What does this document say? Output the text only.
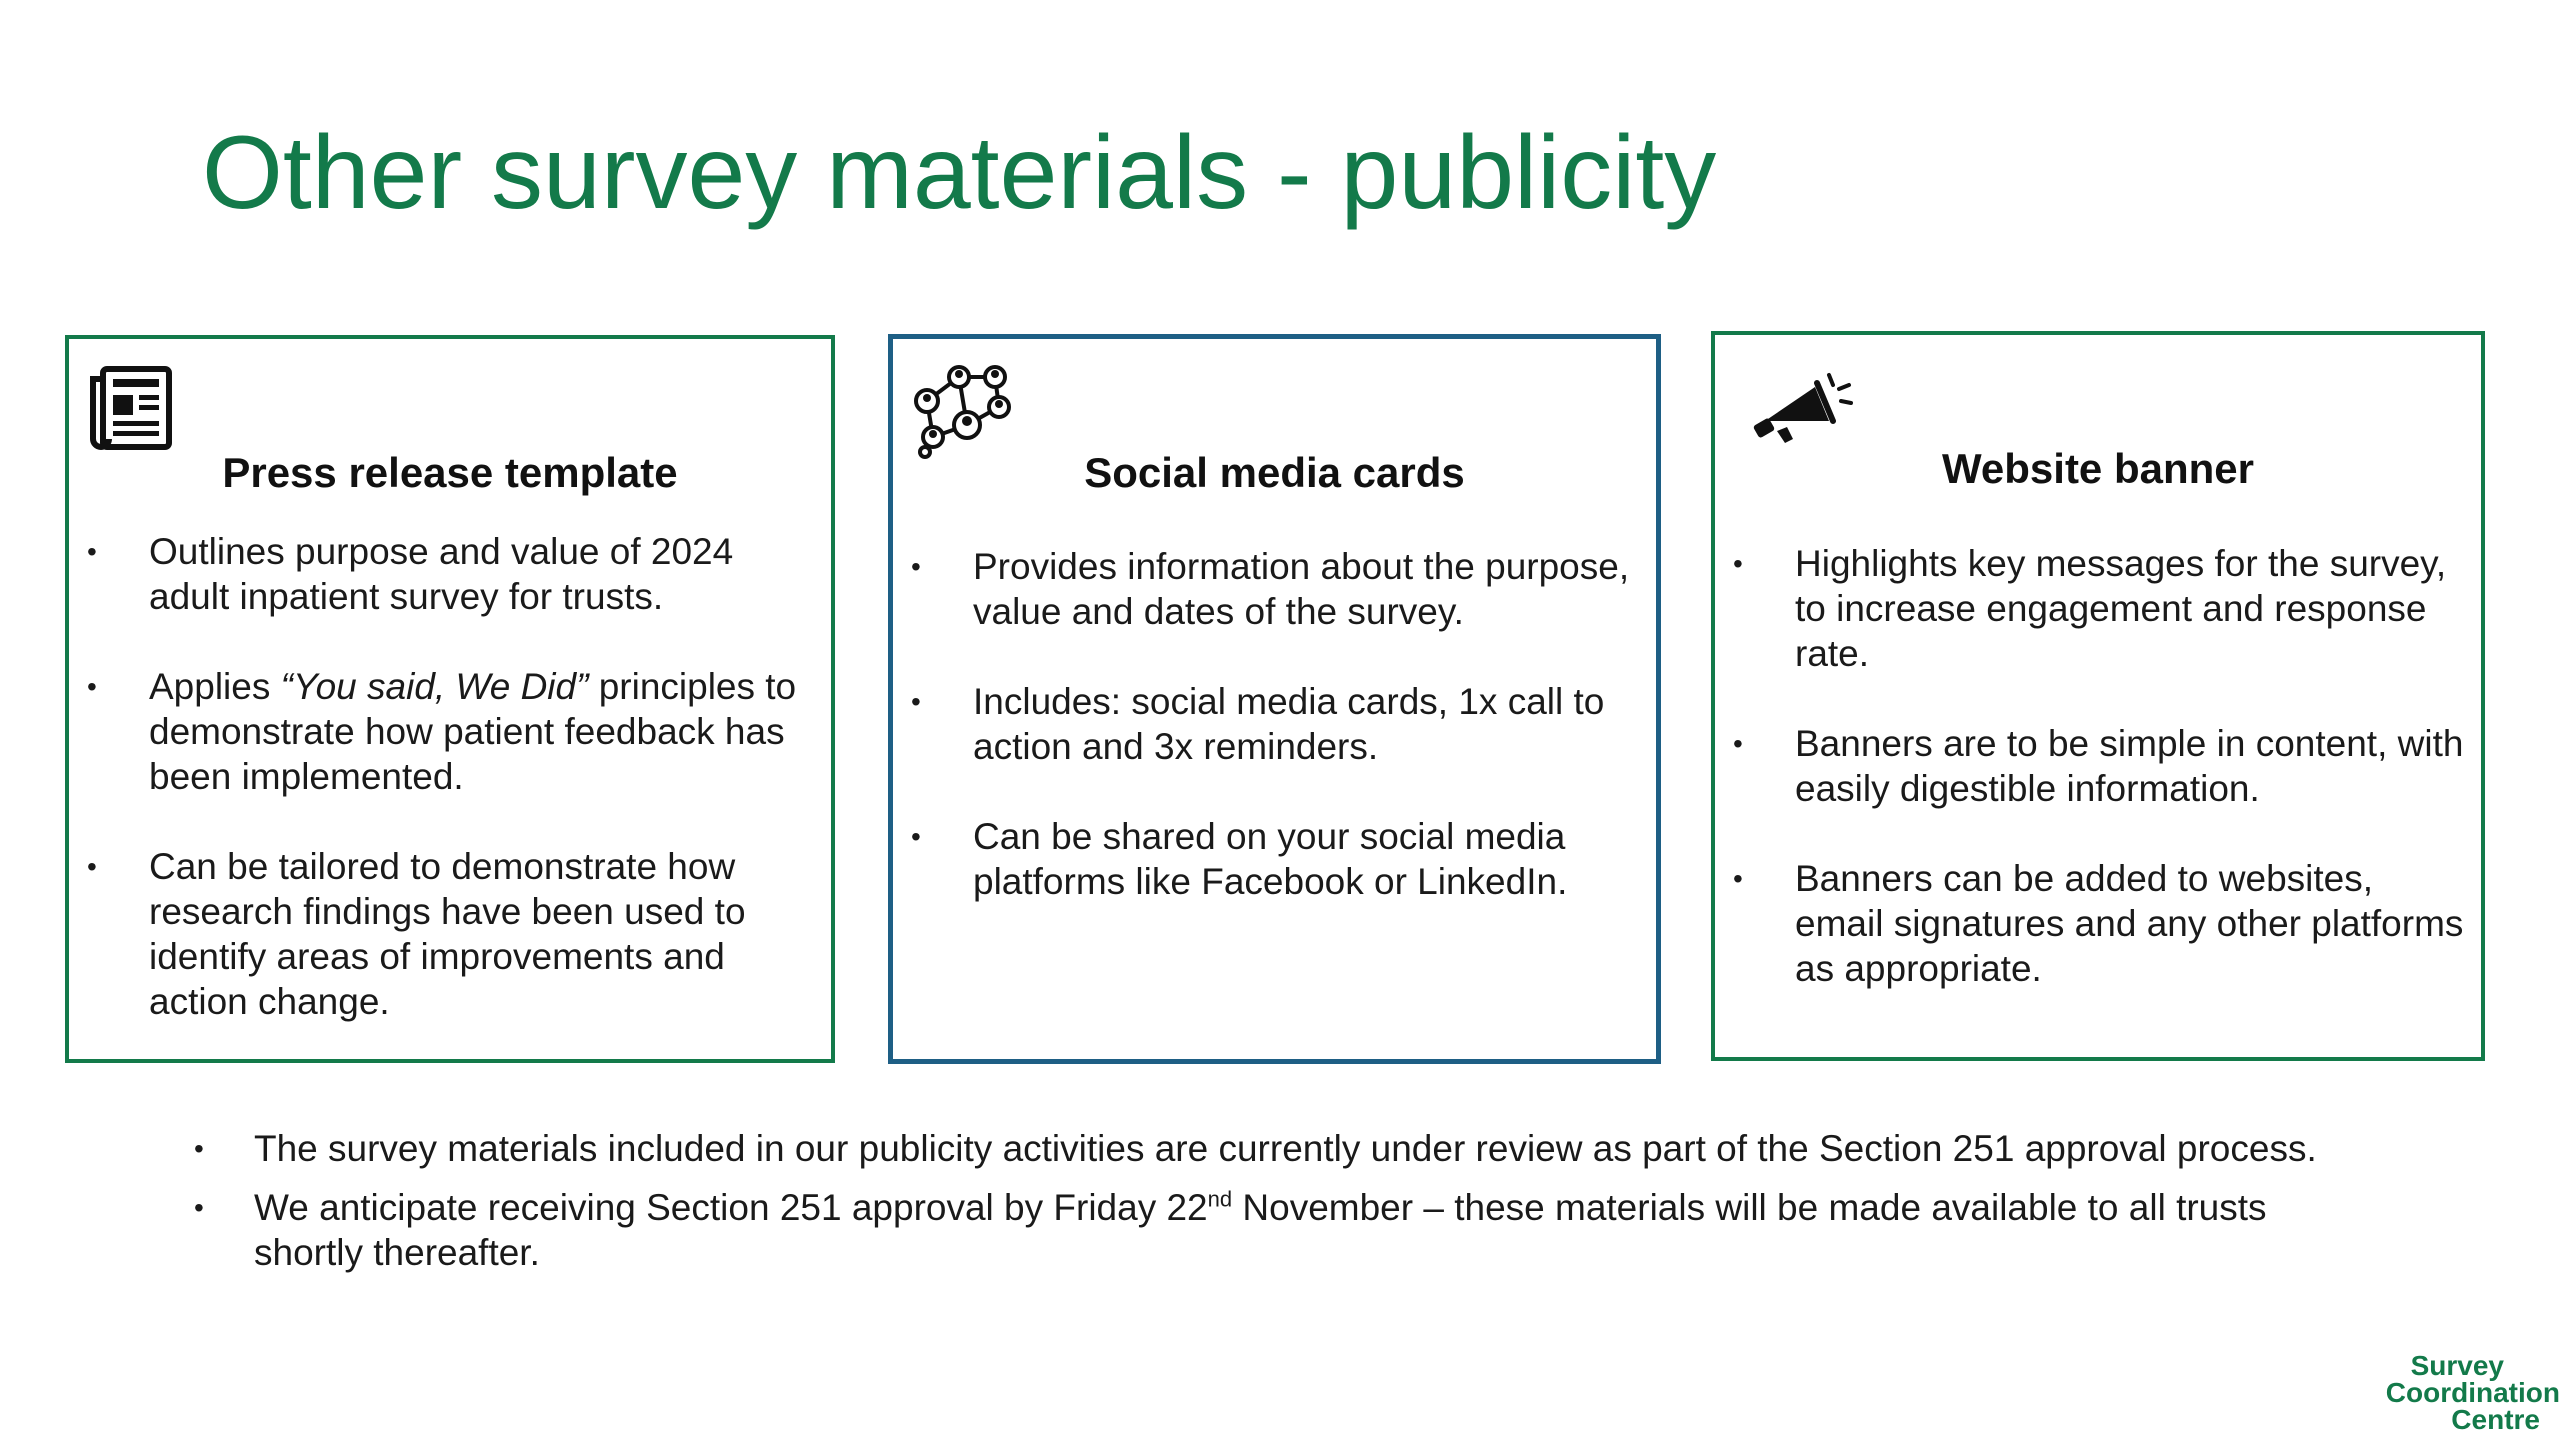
Other survey materials - publicity
Press release template
• Outlines purpose and value of 2024 adult inpatient survey for trusts.
• Applies “You said, We Did” principles to demonstrate how patient feedback has been implemented.
• Can be tailored to demonstrate how research findings have been used to identify areas of improvements and action change.
Social media cards
• Provides information about the purpose, value and dates of the survey.
• Includes: social media cards, 1x call to action and 3x reminders.
• Can be shared on your social media platforms like Facebook or LinkedIn.
Website banner
• Highlights key messages for the survey, to increase engagement and response rate.
• Banners are to be simple in content, with easily digestible information.
• Banners can be added to websites, email signatures and any other platforms as appropriate.
• The survey materials included in our publicity activities are currently under review as part of the Section 251 approval process.
• We anticipate receiving Section 251 approval by Friday 22nd November – these materials will be made available to all trusts shortly thereafter.
Survey
Coordination
Centre
